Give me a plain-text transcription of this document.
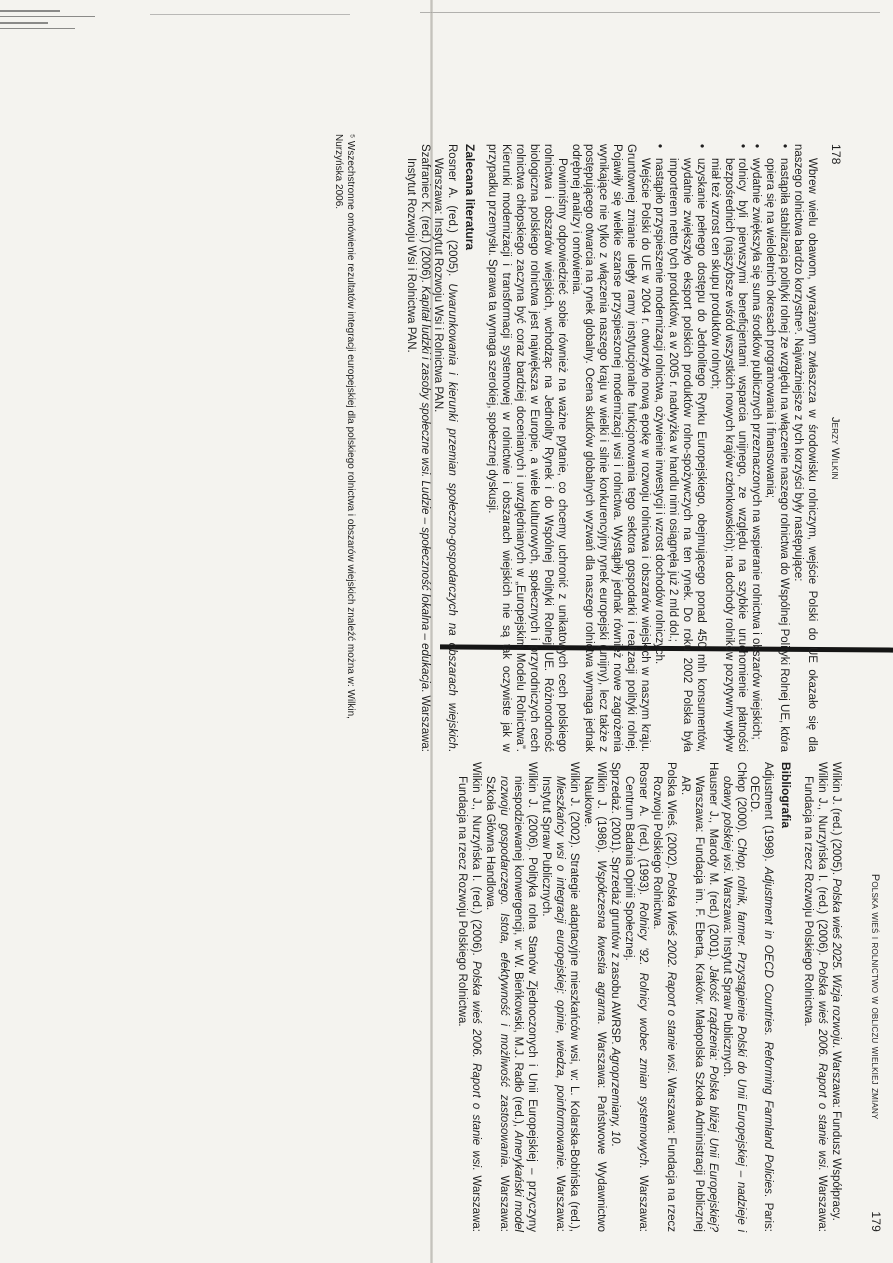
178
Jerzy Wilkin

Wbrew wielu obawom, wyrażanym zwłaszcza w środowisku rolniczym, wejście Polski do UE okazało się dla naszego rolnictwa bardzo korzystne⁵. Najważniejsze z tych korzyści były następujące:

• nastąpiła stabilizacja polityki rolnej ze względu na włączenie naszego rolnictwa do Wspólnej Polityki Rolnej UE, która opiera się na wieloletnich okresach programowania i finansowania;
• wydatnie zwiększyła się suma środków publicznych przeznaczonych na wspieranie rolnictwa i obszarów wiejskich;
• rolnicy byli pierwszymi beneficjentami wsparcia unijnego, ze względu na szybkie uruchomienie płatności bezpośrednich (najszybsze wśród wszystkich nowych krajów członkowskich); na dochody rolników pozytywny wpływ miał też wzrost cen skupu produktów rolnych;
• uzyskanie pełnego dostępu do Jednolitego Rynku Europejskiego, obejmującego ponad 450 mln konsumentów, wydatnie zwiększyło eksport polskich produktów rolno-spożywczych na ten rynek. Do roku 2002 Polska była importerem netto tych produktów, a w 2005 r. nadwyżka w handlu nimi osiągnęła już 2 mld dol.;
• nastąpiło przyspieszenie modernizacji rolnictwa, ożywienie inwestycji i wzrost dochodów rolniczych.

Wejście Polski do UE w 2004 r. otworzyło nową epokę w rozwoju rolnictwa i obszarów wiejskich w naszym kraju. Gruntownej zmianie uległy ramy instytucjonalne funkcjonowania tego sektora gospodarki i realizacji polityki rolnej. Pojawiły się wielkie szanse przyspieszonej modernizacji wsi i rolnictwa. Wystąpiły jednak również nowe zagrożenia wynikające nie tylko z włączenia naszego kraju w wielki i silnie konkurencyjny rynek europejski (unijny), lecz także z postępującego otwarcia na rynek globalny. Ocena skutków globalnych wyzwań dla naszego rolnictwa wymaga jednak odrębnej analizy i omówienia.

Powinniśmy odpowiedzieć sobie również na ważne pytanie, co chcemy uchronić z unikatowych cech polskiego rolnictwa i obszarów wiejskich, wchodząc na Jednolity Rynek i do Wspólnej Polityki Rolnej UE. Różnorodność biologiczna polskiego rolnictwa jest największa w Europie, a wiele kulturowych, społecznych i przyrodniczych cech rolnictwa chłopskiego zaczyna być coraz bardziej docenianych i uwzględnianych w „Europejskim Modelu Rolnictwa”. Kierunki modernizacji i transformacji systemowej w rolnictwie i obszarach wiejskich nie są tak oczywiste jak w przypadku przemysłu. Sprawa ta wymaga szerokiej, społecznej dyskusji.

Zalecana literatura
Rosner A. (red.) (2005). Uwarunkowania i kierunki przemian społeczno-gospodarczych na obszarach wiejskich. Warszawa: Instytut Rozwoju Wsi i Rolnictwa PAN.
Szafraniec K. (red.) (2006). Kapitał ludzki i zasoby społeczne wsi. Ludzie – społeczność lokalna – edukacja. Warszawa: Instytut Rozwoju Wsi i Rolnictwa PAN.
⁵ Wszechstronne omówienie rezultatów integracji europejskiej dla polskiego rolnictwa i obszarów wiejskich znaleźć można w: Wilkin, Nurzyńska 2006.
Polska wieś i rolnictwo w obliczu wielkiej zmiany
179
Wilkin J. (red.) (2005). Polska wieś 2025. Wizja rozwoju. Warszawa: Fundusz Współpracy.
Wilkin J., Nurzyńska I. (red.) (2006). Polska wieś 2006. Raport o stanie wsi. Warszawa: Fundacja na rzecz Rozwoju Polskiego Rolnictwa.
Bibliografia
Adjustment (1998). Adjustment in OECD Countries. Reforming Farmland Policies. Paris: OECD.
Chłop (2000). Chłop, rolnik, farmer. Przystąpienie Polski do Unii Europejskiej – nadzieje i obawy polskiej wsi. Warszawa: Instytut Spraw Publicznych.
Hausner J., Marody M. (red.) (2001). Jakość rządzenia: Polska bliżej Unii Europejskiej? Warszawa: Fundacja im. F. Eberta, Kraków: Małopolska Szkoła Administracji Publicznej AR.
Polska Wieś. (2002). Polska Wieś 2002. Raport o stanie wsi. Warszawa: Fundacja na rzecz Rozwoju Polskiego Rolnictwa.
Rosner A. (red.) (1993). Rolnicy '92. Rolnicy wobec zmian systemowych. Warszawa: Centrum Badania Opinii Społecznej.
Sprzedaż. (2001). Sprzedaż gruntów z zasobu AWRSP. Agroprzemiany, 10.
Wilkin J. (1986). Współczesna kwestia agrarna. Warszawa: Państwowe Wydawnictwo Naukowe.
Wilkin J. (2002). Strategie adaptacyjne mieszkańców wsi, w: L. Kolarska-Bobińska (red.), Mieszkańcy wsi o integracji europejskiej: opinie, wiedza, poinformowanie. Warszawa: Instytut Spraw Publicznych.
Wilkin J. (2006). Polityka rolna Stanów Zjednoczonych i Unii Europejskiej – przyczyny niespodziewanej konwergencji, w: W. Bieńkowski, M.J. Radło (red.), Amerykański model rozwoju gospodarczego. Istota, efektywność i możliwość zastosowania. Warszawa: Szkoła Główna Handlowa.
Wilkin J., Nurzyńska I. (red.) (2006). Polska wieś 2006. Raport o stanie wsi. Warszawa: Fundacja na rzecz Rozwoju Polskiego Rolnictwa.
